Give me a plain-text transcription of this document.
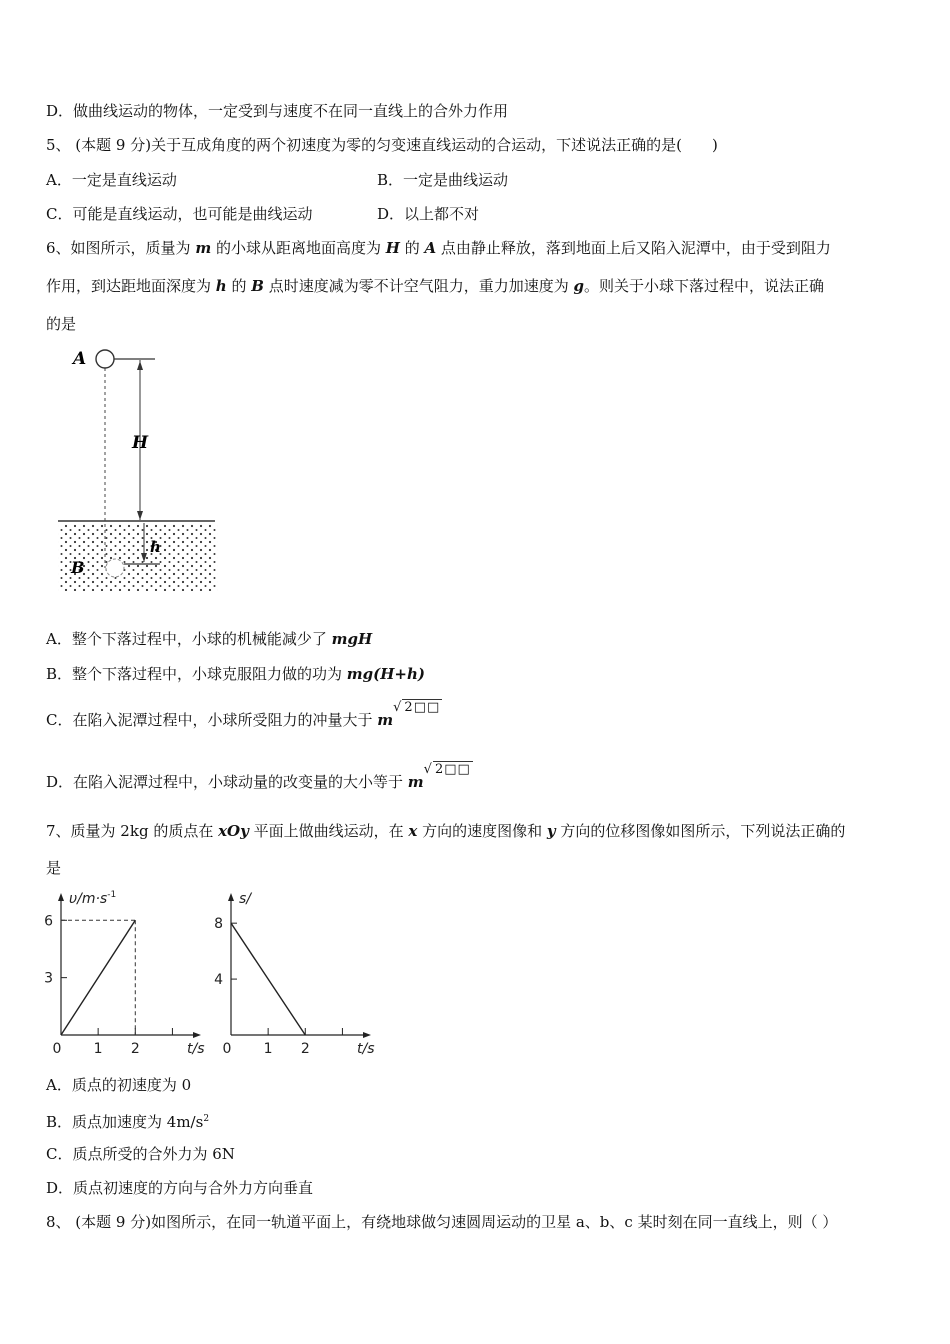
D．做曲线运动的物体，一定受到与速度不在同一直线上的合外力作用
5、 (本题 9 分)关于互成角度的两个初速度为零的匀变速直线运动的合运动，下述说法正确的是(　　)
A．一定是直线运动	B．一定是曲线运动
C．可能是直线运动，也可能是曲线运动	D．以上都不对
6、如图所示，质量为 m 的小球从距离地面高度为 H 的 A 点由静止释放，落到地面上后又陷入泥潭中，由于受到阻力
作用，到达距地面深度为 h 的 B 点时速度减为零不计空气阻力，重力加速度为 g。则关于小球下落过程中，说法正确
的是
H
h
B
A
A．整个下落过程中，小球的机械能减少了 mgH
B．整个下落过程中，小球克服阻力做的功为 mg(H+h)
C．在陷入泥潭过程中，小球所受阻力的冲量大于 m√ 2□□
D．在陷入泥潭过程中，小球动量的改变量的大小等于 m√ 2□□
7、质量为 2kg 的质点在 xOy 平面上做曲线运动，在 x 方向的速度图像和 y 方向的位移图像如图所示，下列说法正确的
是
0 1 2
3
6
$\upsilon/m\cdot s^{-1}$
t/s 0 1 2
4
8
s/
t/s
A．质点的初速度为 0
B．质点加速度为 $4m/s^2$
C．质点所受的合外力为 6N
D．质点初速度的方向与合外力方向垂直
8、 (本题 9 分)如图所示，在同一轨道平面上，有绕地球做匀速圆周运动的卫星 a、b、c 某时刻在同一直线上，则（ ）
